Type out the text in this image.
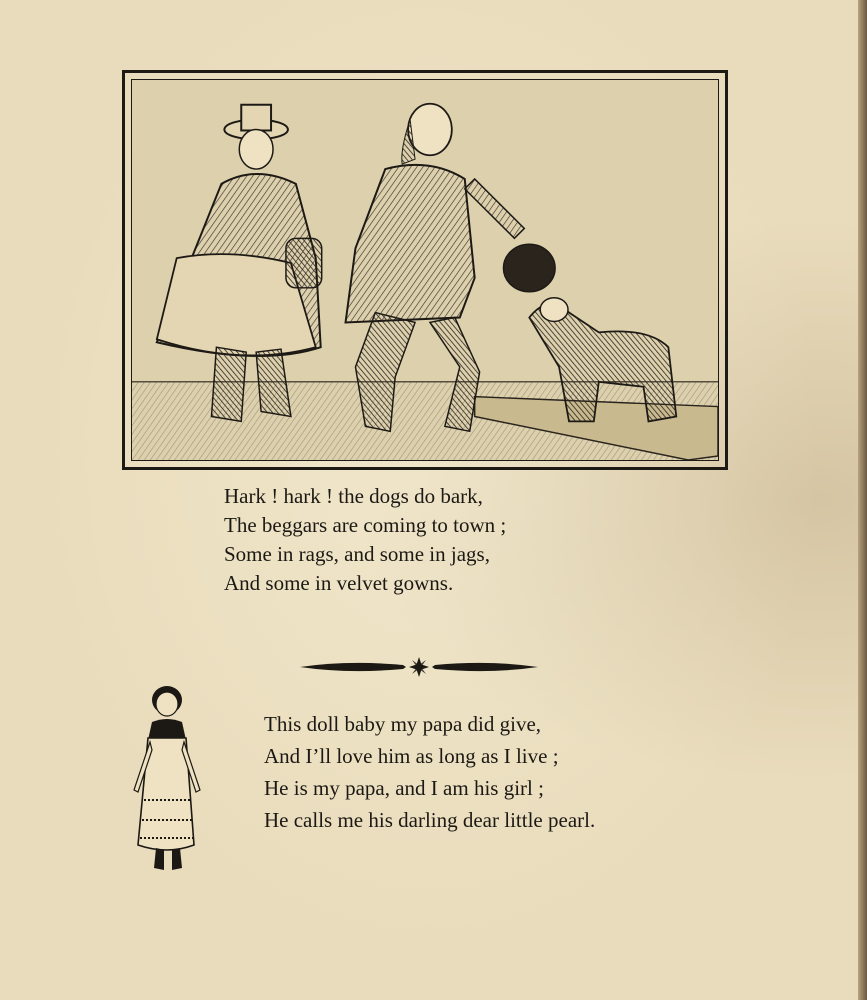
Hark ! hark ! the dogs do bark,
The beggars are coming to town ;
Some in rags, and some in jags,
And some in velvet gowns.

This doll baby my papa did give,
And I’ll love him as long as I live ;
He is my papa, and I am his girl ;
He calls me his darling dear little pearl.
